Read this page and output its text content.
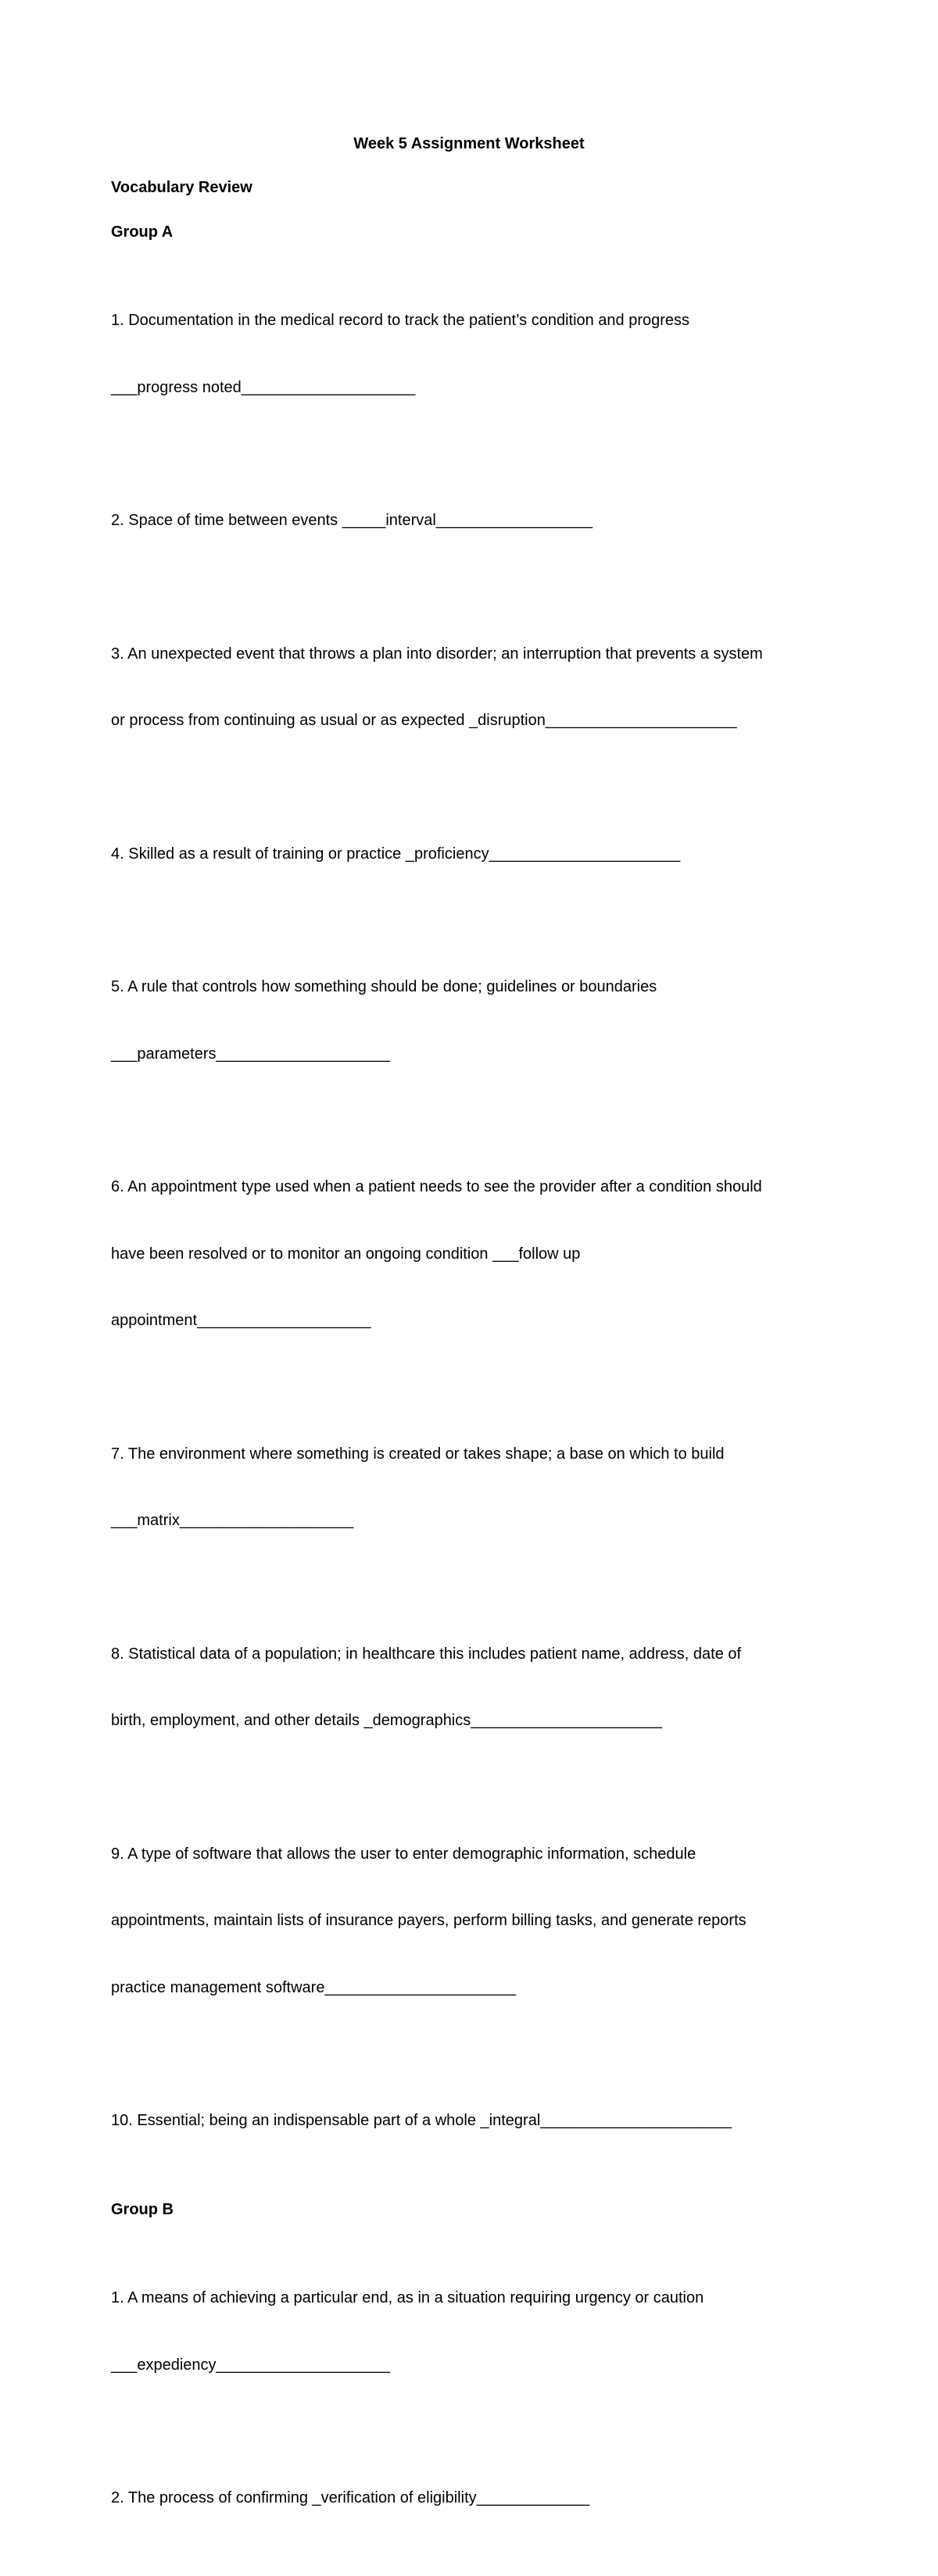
Week 5 Assignment Worksheet
Vocabulary Review
Group A

1. Documentation in the medical record to track the patient’s condition and progress

___progress noted____________________

2. Space of time between events _____interval__________________

3. An unexpected event that throws a plan into disorder; an interruption that prevents a system

or process from continuing as usual or as expected _disruption______________________

4. Skilled as a result of training or practice _proficiency______________________

5. A rule that controls how something should be done; guidelines or boundaries

___parameters____________________

6. An appointment type used when a patient needs to see the provider after a condition should

have been resolved or to monitor an ongoing condition ___follow up

appointment____________________

7. The environment where something is created or takes shape; a base on which to build

___matrix____________________

8. Statistical data of a population; in healthcare this includes patient name, address, date of

birth, employment, and other details _demographics______________________

9. A type of software that allows the user to enter demographic information, schedule

appointments, maintain lists of insurance payers, perform billing tasks, and generate reports

practice management software______________________

10. Essential; being an indispensable part of a whole _integral______________________

Group B

1. A means of achieving a particular end, as in a situation requiring urgency or caution

___expediency____________________

2. The process of confirming _verification of eligibility_____________
